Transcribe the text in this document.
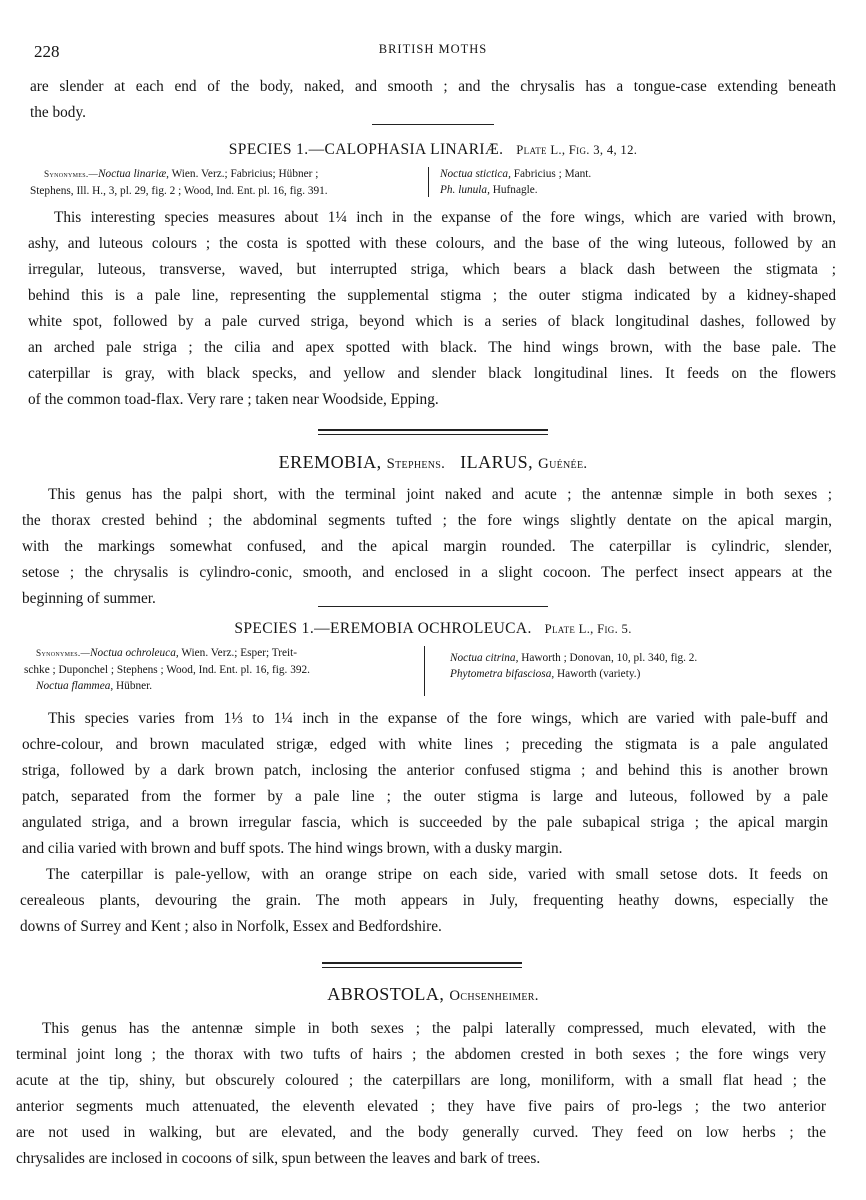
228	BRITISH MOTHS
are slender at each end of the body, naked, and smooth ; and the chrysalis has a tongue-case extending beneath
the body.
SPECIES 1.—CALOPHASIA LINARIÆ. Plate L., Fig. 3, 4, 12.
Synonymes.—Noctua linariæ, Wien. Verz.; Fabricius; Hübner ;
Stephens, Ill. H., 3, pl. 29, fig. 2 ; Wood, Ind. Ent. pl. 16, fig. 391.
Noctua stictica, Fabricius ; Mant.
Ph. lunula, Hufnagle.
This interesting species measures about 1¼ inch in the expanse of the fore wings, which are varied with brown,
ashy, and luteous colours ; the costa is spotted with these colours, and the base of the wing luteous, followed by an
irregular, luteous, transverse, waved, but interrupted striga, which bears a black dash between the stigmata ;
behind this is a pale line, representing the supplemental stigma ; the outer stigma indicated by a kidney-shaped
white spot, followed by a pale curved striga, beyond which is a series of black longitudinal dashes, followed by
an arched pale striga ; the cilia and apex spotted with black. The hind wings brown, with the base pale. The
caterpillar is gray, with black specks, and yellow and slender black longitudinal lines. It feeds on the flowers
of the common toad-flax. Very rare ; taken near Woodside, Epping.
EREMOBIA, Stephens. ILARUS, Guénée.
This genus has the palpi short, with the terminal joint naked and acute ; the antennæ simple in both sexes ;
the thorax crested behind ; the abdominal segments tufted ; the fore wings slightly dentate on the apical margin,
with the markings somewhat confused, and the apical margin rounded. The caterpillar is cylindric, slender,
setose ; the chrysalis is cylindro-conic, smooth, and enclosed in a slight cocoon. The perfect insect appears at the
beginning of summer.
SPECIES 1.—EREMOBIA OCHROLEUCA. Plate L., Fig. 5.
Synonymes.—Noctua ochroleuca, Wien. Verz.; Esper; Treit-
schke ; Duponchel ; Stephens ; Wood, Ind. Ent. pl. 16, fig. 392.
Noctua flammea, Hübner.
Noctua citrina, Haworth ; Donovan, 10, pl. 340, fig. 2.
Phytometra bifasciosa, Haworth (variety.)
This species varies from 1⅓ to 1¼ inch in the expanse of the fore wings, which are varied with pale-buff and
ochre-colour, and brown maculated strigæ, edged with white lines ; preceding the stigmata is a pale angulated
striga, followed by a dark brown patch, inclosing the anterior confused stigma ; and behind this is another brown
patch, separated from the former by a pale line ; the outer stigma is large and luteous, followed by a pale
angulated striga, and a brown irregular fascia, which is succeeded by the pale subapical striga ; the apical margin
and cilia varied with brown and buff spots. The hind wings brown, with a dusky margin.
The caterpillar is pale-yellow, with an orange stripe on each side, varied with small setose dots. It feeds on
cerealeous plants, devouring the grain. The moth appears in July, frequenting heathy downs, especially the
downs of Surrey and Kent ; also in Norfolk, Essex and Bedfordshire.
ABROSTOLA, Ochsenheimer.
This genus has the antennæ simple in both sexes ; the palpi laterally compressed, much elevated, with the
terminal joint long ; the thorax with two tufts of hairs ; the abdomen crested in both sexes ; the fore wings very
acute at the tip, shiny, but obscurely coloured ; the caterpillars are long, moniliform, with a small flat head ; the
anterior segments much attenuated, the eleventh elevated ; they have five pairs of pro-legs ; the two anterior
are not used in walking, but are elevated, and the body generally curved. They feed on low herbs ; the
chrysalides are inclosed in cocoons of silk, spun between the leaves and bark of trees.
